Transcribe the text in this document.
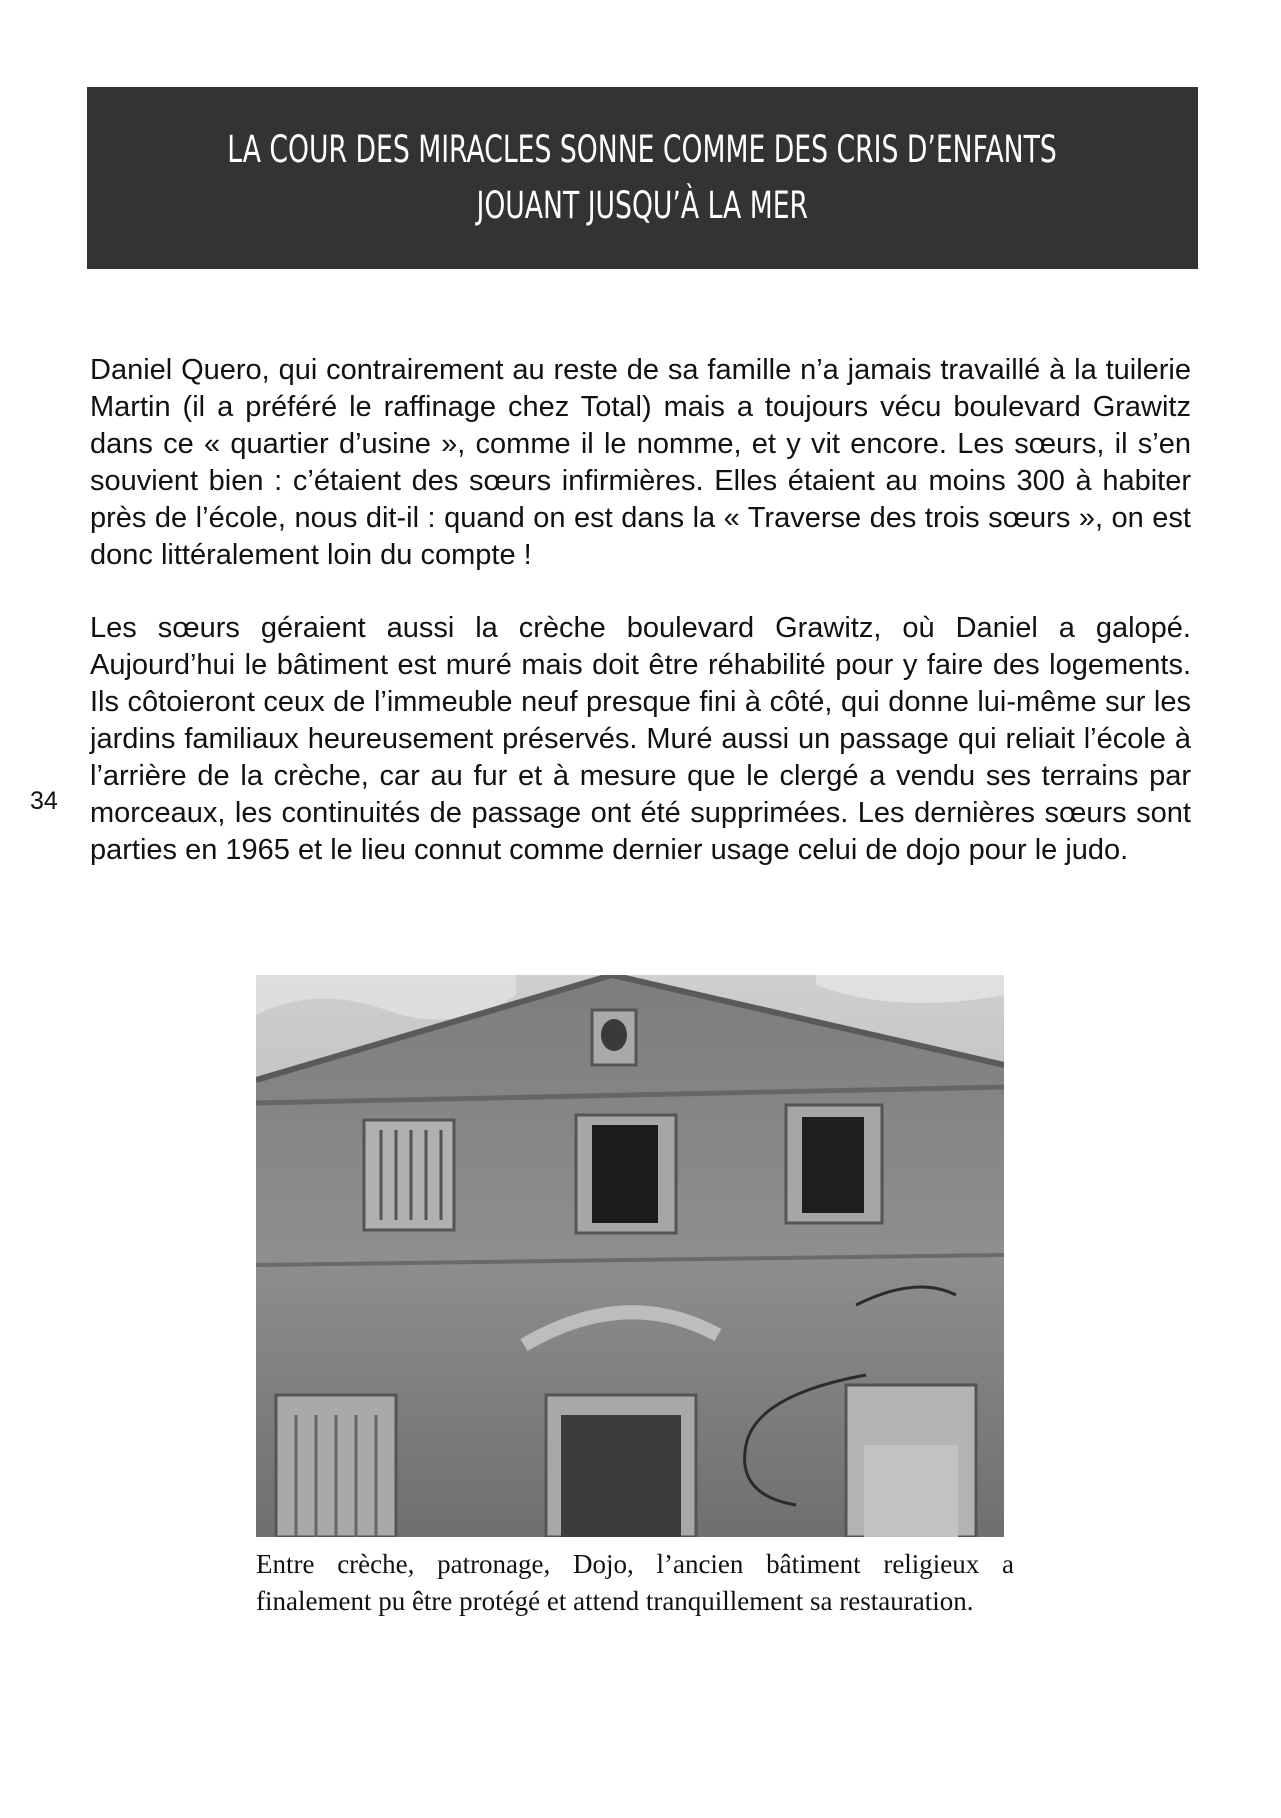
LA COUR DES MIRACLES SONNE COMME DES CRIS D’ENFANTS
JOUANT JUSQU’À LA MER

Daniel Quero, qui contrairement au reste de sa famille n’a jamais travaillé à la tuilerie Martin (il a préféré le raffinage chez Total) mais a toujours vécu boulevard Grawitz dans ce « quartier d’usine », comme il le nomme, et y vit encore. Les sœurs, il s’en souvient bien : c’étaient des sœurs infirmières. Elles étaient au moins 300 à habiter près de l’école, nous dit-il : quand on est dans la « Traverse des trois sœurs », on est donc littéralement loin du compte !

Les sœurs géraient aussi la crèche boulevard Grawitz, où Daniel a galopé. Aujourd’hui le bâtiment est muré mais doit être réhabilité pour y faire des logements. Ils côtoieront ceux de l’immeuble neuf presque fini à côté, qui donne lui-même sur les jardins familiaux heureusement préservés. Muré aussi un passage qui reliait l’école à l’arrière de la crèche, car au fur et à mesure que le clergé a vendu ses terrains par morceaux, les continuités de passage ont été supprimées. Les dernières sœurs sont parties en 1965 et le lieu connut comme dernier usage celui de dojo pour le judo.

34

Entre crèche, patronage, Dojo, l’ancien bâtiment religieux a finalement pu être protégé et attend tranquillement sa restauration.
